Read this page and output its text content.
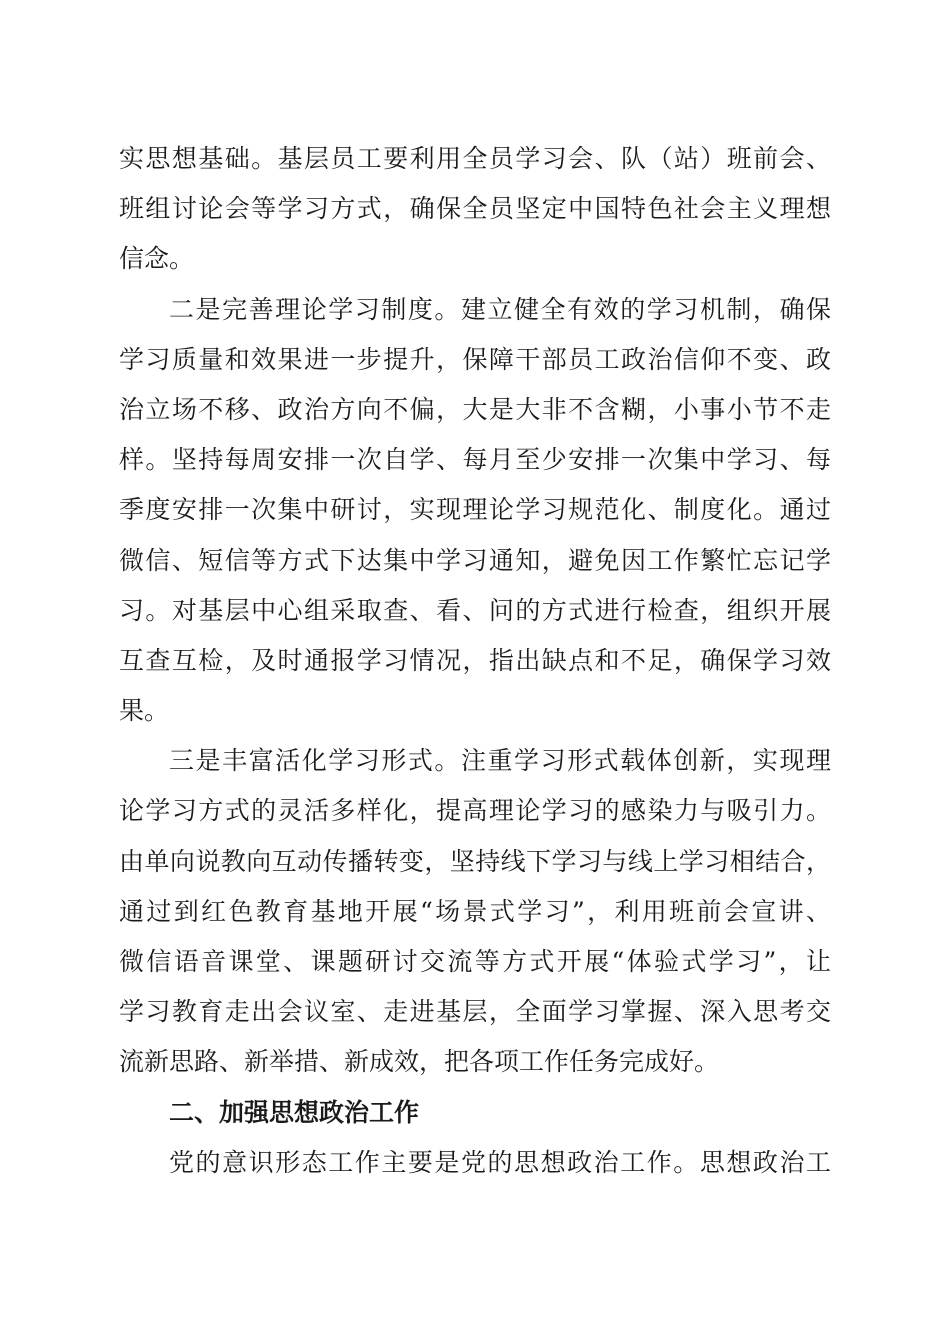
实思想基础。基层员工要利用全员学习会、队（站）班前会、
班组讨论会等学习方式，确保全员坚定中国特色社会主义理想
信念。
二是完善理论学习制度。建立健全有效的学习机制，确保
学习质量和效果进一步提升，保障干部员工政治信仰不变、政
治立场不移、政治方向不偏，大是大非不含糊，小事小节不走
样。坚持每周安排一次自学、每月至少安排一次集中学习、每
季度安排一次集中研讨，实现理论学习规范化、制度化。通过
微信、短信等方式下达集中学习通知，避免因工作繁忙忘记学
习。对基层中心组采取查、看、问的方式进行检查，组织开展
互查互检，及时通报学习情况，指出缺点和不足，确保学习效
果。
三是丰富活化学习形式。注重学习形式载体创新，实现理
论学习方式的灵活多样化，提高理论学习的感染力与吸引力。
由单向说教向互动传播转变，坚持线下学习与线上学习相结合，
通过到红色教育基地开展“场景式学习”，利用班前会宣讲、
微信语音课堂、课题研讨交流等方式开展“体验式学习”，让
学习教育走出会议室、走进基层，全面学习掌握、深入思考交
流新思路、新举措、新成效，把各项工作任务完成好。
二、加强思想政治工作
党的意识形态工作主要是党的思想政治工作。思想政治工
